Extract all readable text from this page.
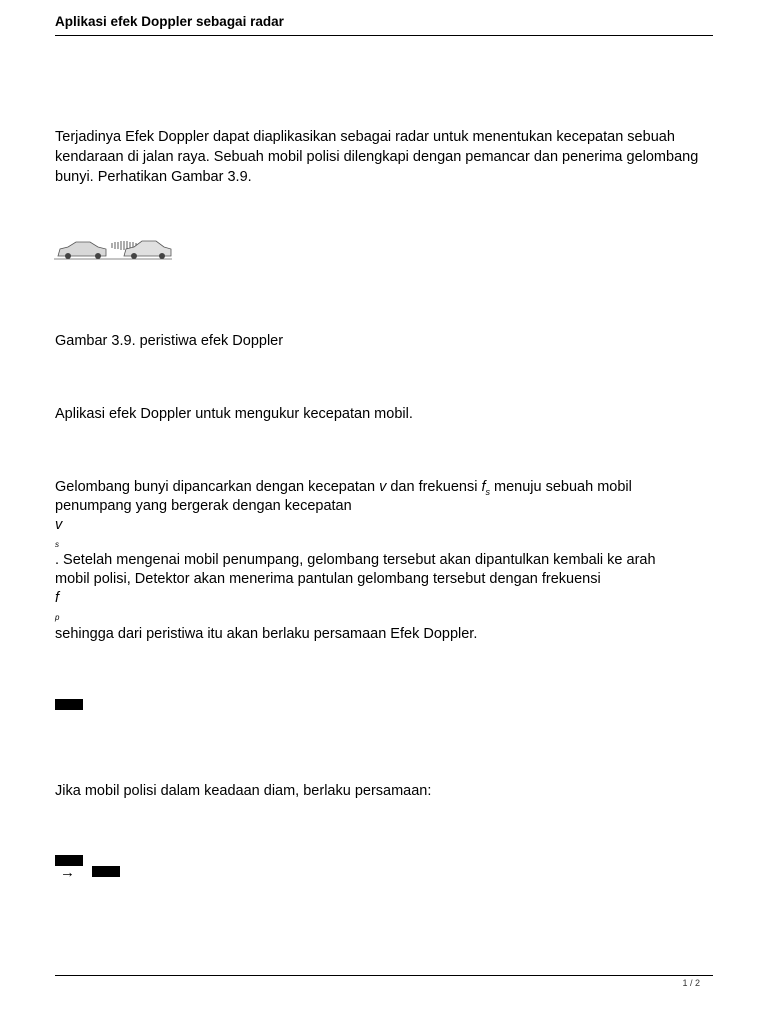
Aplikasi efek Doppler sebagai radar

Terjadinya Efek Doppler dapat diaplikasikan sebagai radar untuk menentukan kecepatan sebuah kendaraan di jalan raya. Sebuah mobil polisi dilengkapi dengan pemancar dan penerima gelombang bunyi. Perhatikan Gambar 3.9.

Gambar 3.9. peristiwa efek Doppler
Aplikasi efek Doppler untuk mengukur kecepatan mobil.
Gelombang bunyi dipancarkan dengan kecepatan v dan frekuensi $f_s$ menuju sebuah mobil
penumpang yang bergerak dengan kecepatan
v
s
. Setelah mengenai mobil penumpang, gelombang tersebut akan dipantulkan kembali ke arah
mobil polisi, Detektor akan menerima pantulan gelombang tersebut dengan frekuensi
f
p
sehingga dari peristiwa itu akan berlaku persamaan Efek Doppler.
Jika mobil polisi dalam keadaan diam, berlaku persamaan:
→
1 / 2
